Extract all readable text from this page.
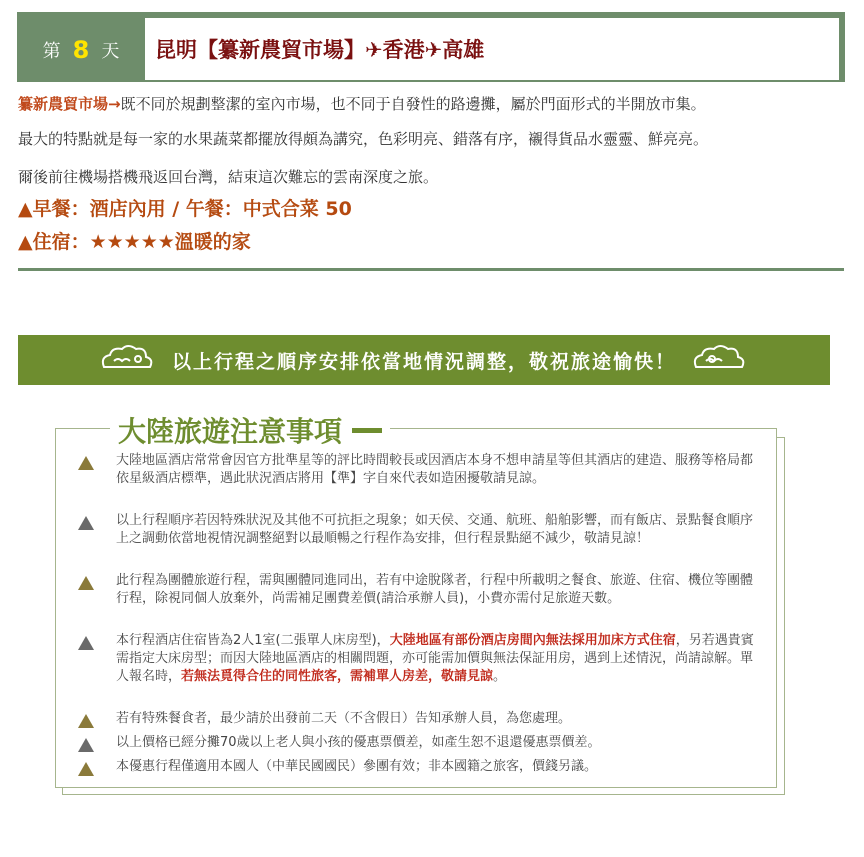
第 8 天 昆明【纂新農貿市場】✈香港✈高雄
纂新農貿市場→既不同於規劃整潔的室內市場，也不同于自發性的路邊攤，屬於門面形式的半開放市集。
最大的特點就是每一家的水果蔬菜都擺放得頗為講究，色彩明亮、錯落有序，襯得貨品水靈靈、鮮亮亮。
爾後前往機場搭機飛返回台灣，結束這次難忘的雲南深度之旅。
▲早餐：酒店內用 / 午餐：中式合菜 50
▲住宿：★★★★★溫暖的家
以上行程之順序安排依當地情況調整，敬祝旅途愉快！
大陸旅遊注意事項
大陸地區酒店常常會因官方批準星等的評比時間較長或因酒店本身不想申請星等但其酒店的建造、服務等格局都依星級酒店標準，遇此狀況酒店將用【準】字自來代表如造困擾敬請見諒。
以上行程順序若因特殊狀況及其他不可抗拒之現象；如天侯、交通、航班、船舶影響，而有飯店、景點餐食順序上之調動依當地視情況調整絕對以最順暢之行程作為安排，但行程景點絕不減少，敬請見諒！
此行程為團體旅遊行程，需與團體同進同出，若有中途脫隊者，行程中所載明之餐食、旅遊、住宿、機位等團體行程，除視同個人放棄外，尚需補足團費差價(請洽承辦人員)，小費亦需付足旅遊天數。
本行程酒店住宿皆為2人1室(二張單人床房型)，大陸地區有部份酒店房間內無法採用加床方式住宿，另若遇貴賓需指定大床房型；而因大陸地區酒店的相關問題，亦可能需加價與無法保証用房，遇到上述情況，尚請諒解。單人報名時，若無法覓得合住的同性旅客，需補單人房差，敬請見諒。
若有特殊餐食者，最少請於出發前二天（不含假日）告知承辦人員，為您處理。
以上價格已經分攤70歲以上老人與小孩的優惠票價差，如產生恕不退還優惠票價差。
本優惠行程僅適用本國人（中華民國國民）參團有效；非本國籍之旅客，價錢另議。
